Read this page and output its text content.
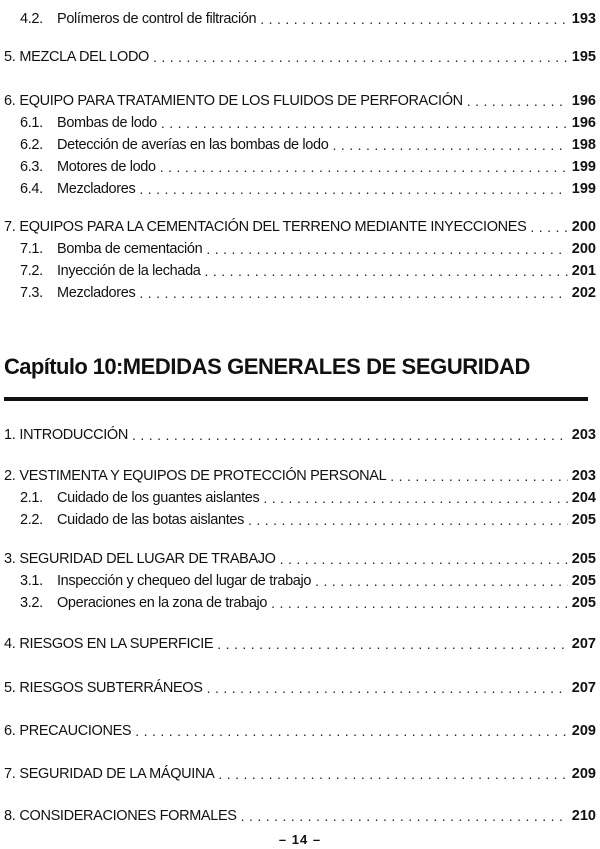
4.2. Polímeros de control de filtración . . .	193
5. MEZCLA DEL LODO . . .	195
6. EQUIPO PARA TRATAMIENTO DE LOS FLUIDOS DE PERFORACIÓN . . .	196
6.1. Bombas de lodo . . .	196
6.2. Detección de averías en las bombas de lodo . . .	198
6.3. Motores de lodo . . .	199
6.4. Mezcladores . . .	199
7. EQUIPOS PARA LA CEMENTACIÓN DEL TERRENO MEDIANTE INYECCIONES . . .	200
7.1. Bomba de cementación . . .	200
7.2. Inyección de la lechada . . .	201
7.3. Mezcladores . . .	202
Capítulo 10:MEDIDAS GENERALES DE SEGURIDAD
1. INTRODUCCIÓN . . .	203
2. VESTIMENTA Y EQUIPOS DE PROTECCIÓN PERSONAL . . .	203
2.1. Cuidado de los guantes aislantes . . .	204
2.2. Cuidado de las botas aislantes . . .	205
3. SEGURIDAD DEL LUGAR DE TRABAJO . . .	205
3.1. Inspección y chequeo del lugar de trabajo . . .	205
3.2. Operaciones en la zona de trabajo . . .	205
4. RIESGOS EN LA SUPERFICIE . . .	207
5. RIESGOS SUBTERRÁNEOS . . .	207
6. PRECAUCIONES . . .	209
7. SEGURIDAD DE LA MÁQUINA . . .	209
8. CONSIDERACIONES FORMALES . . .	210
– 14 –
